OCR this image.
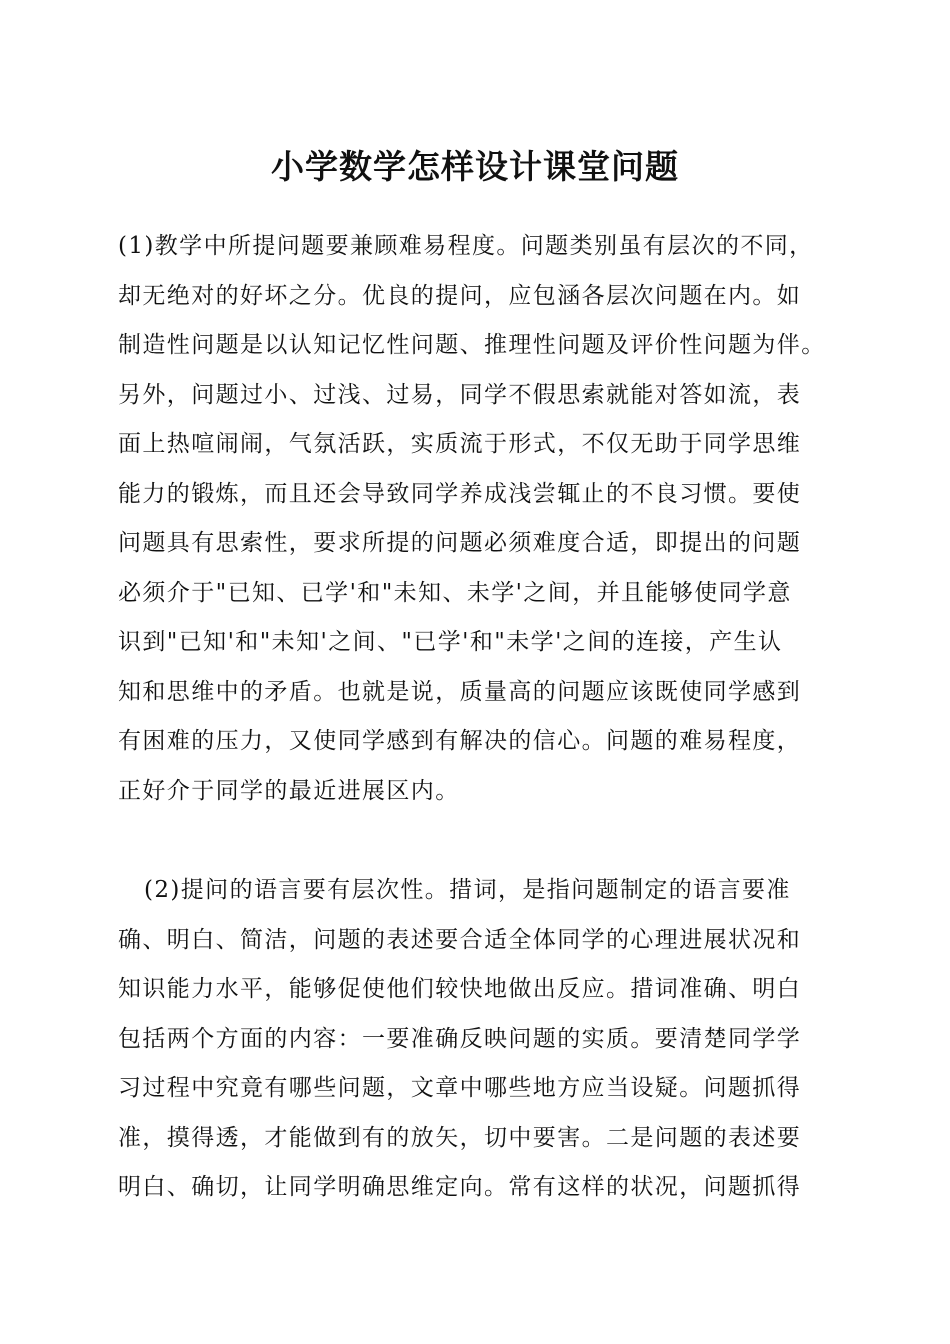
小学数学怎样设计课堂问题
(1)教学中所提问题要兼顾难易程度。问题类别虽有层次的不同，
却无绝对的好坏之分。优良的提问，应包涵各层次问题在内。如
制造性问题是以认知记忆性问题、推理性问题及评价性问题为伴。
另外，问题过小、过浅、过易，同学不假思索就能对答如流，表
面上热喧闹闹，气氛活跃，实质流于形式，不仅无助于同学思维
能力的锻炼，而且还会导致同学养成浅尝辄止的不良习惯。要使
问题具有思索性，要求所提的问题必须难度合适，即提出的问题
必须介于"已知、已学'和"未知、未学'之间，并且能够使同学意
识到"已知'和"未知'之间、"已学'和"未学'之间的连接，产生认
知和思维中的矛盾。也就是说，质量高的问题应该既使同学感到
有困难的压力，又使同学感到有解决的信心。问题的难易程度，
正好介于同学的最近进展区内。
(2)提问的语言要有层次性。措词，是指问题制定的语言要准
确、明白、简洁，问题的表述要合适全体同学的心理进展状况和
知识能力水平，能够促使他们较快地做出反应。措词准确、明白
包括两个方面的内容：一要准确反映问题的实质。要清楚同学学
习过程中究竟有哪些问题，文章中哪些地方应当设疑。问题抓得
准，摸得透，才能做到有的放矢，切中要害。二是问题的表述要
明白、确切，让同学明确思维定向。常有这样的状况，问题抓得
